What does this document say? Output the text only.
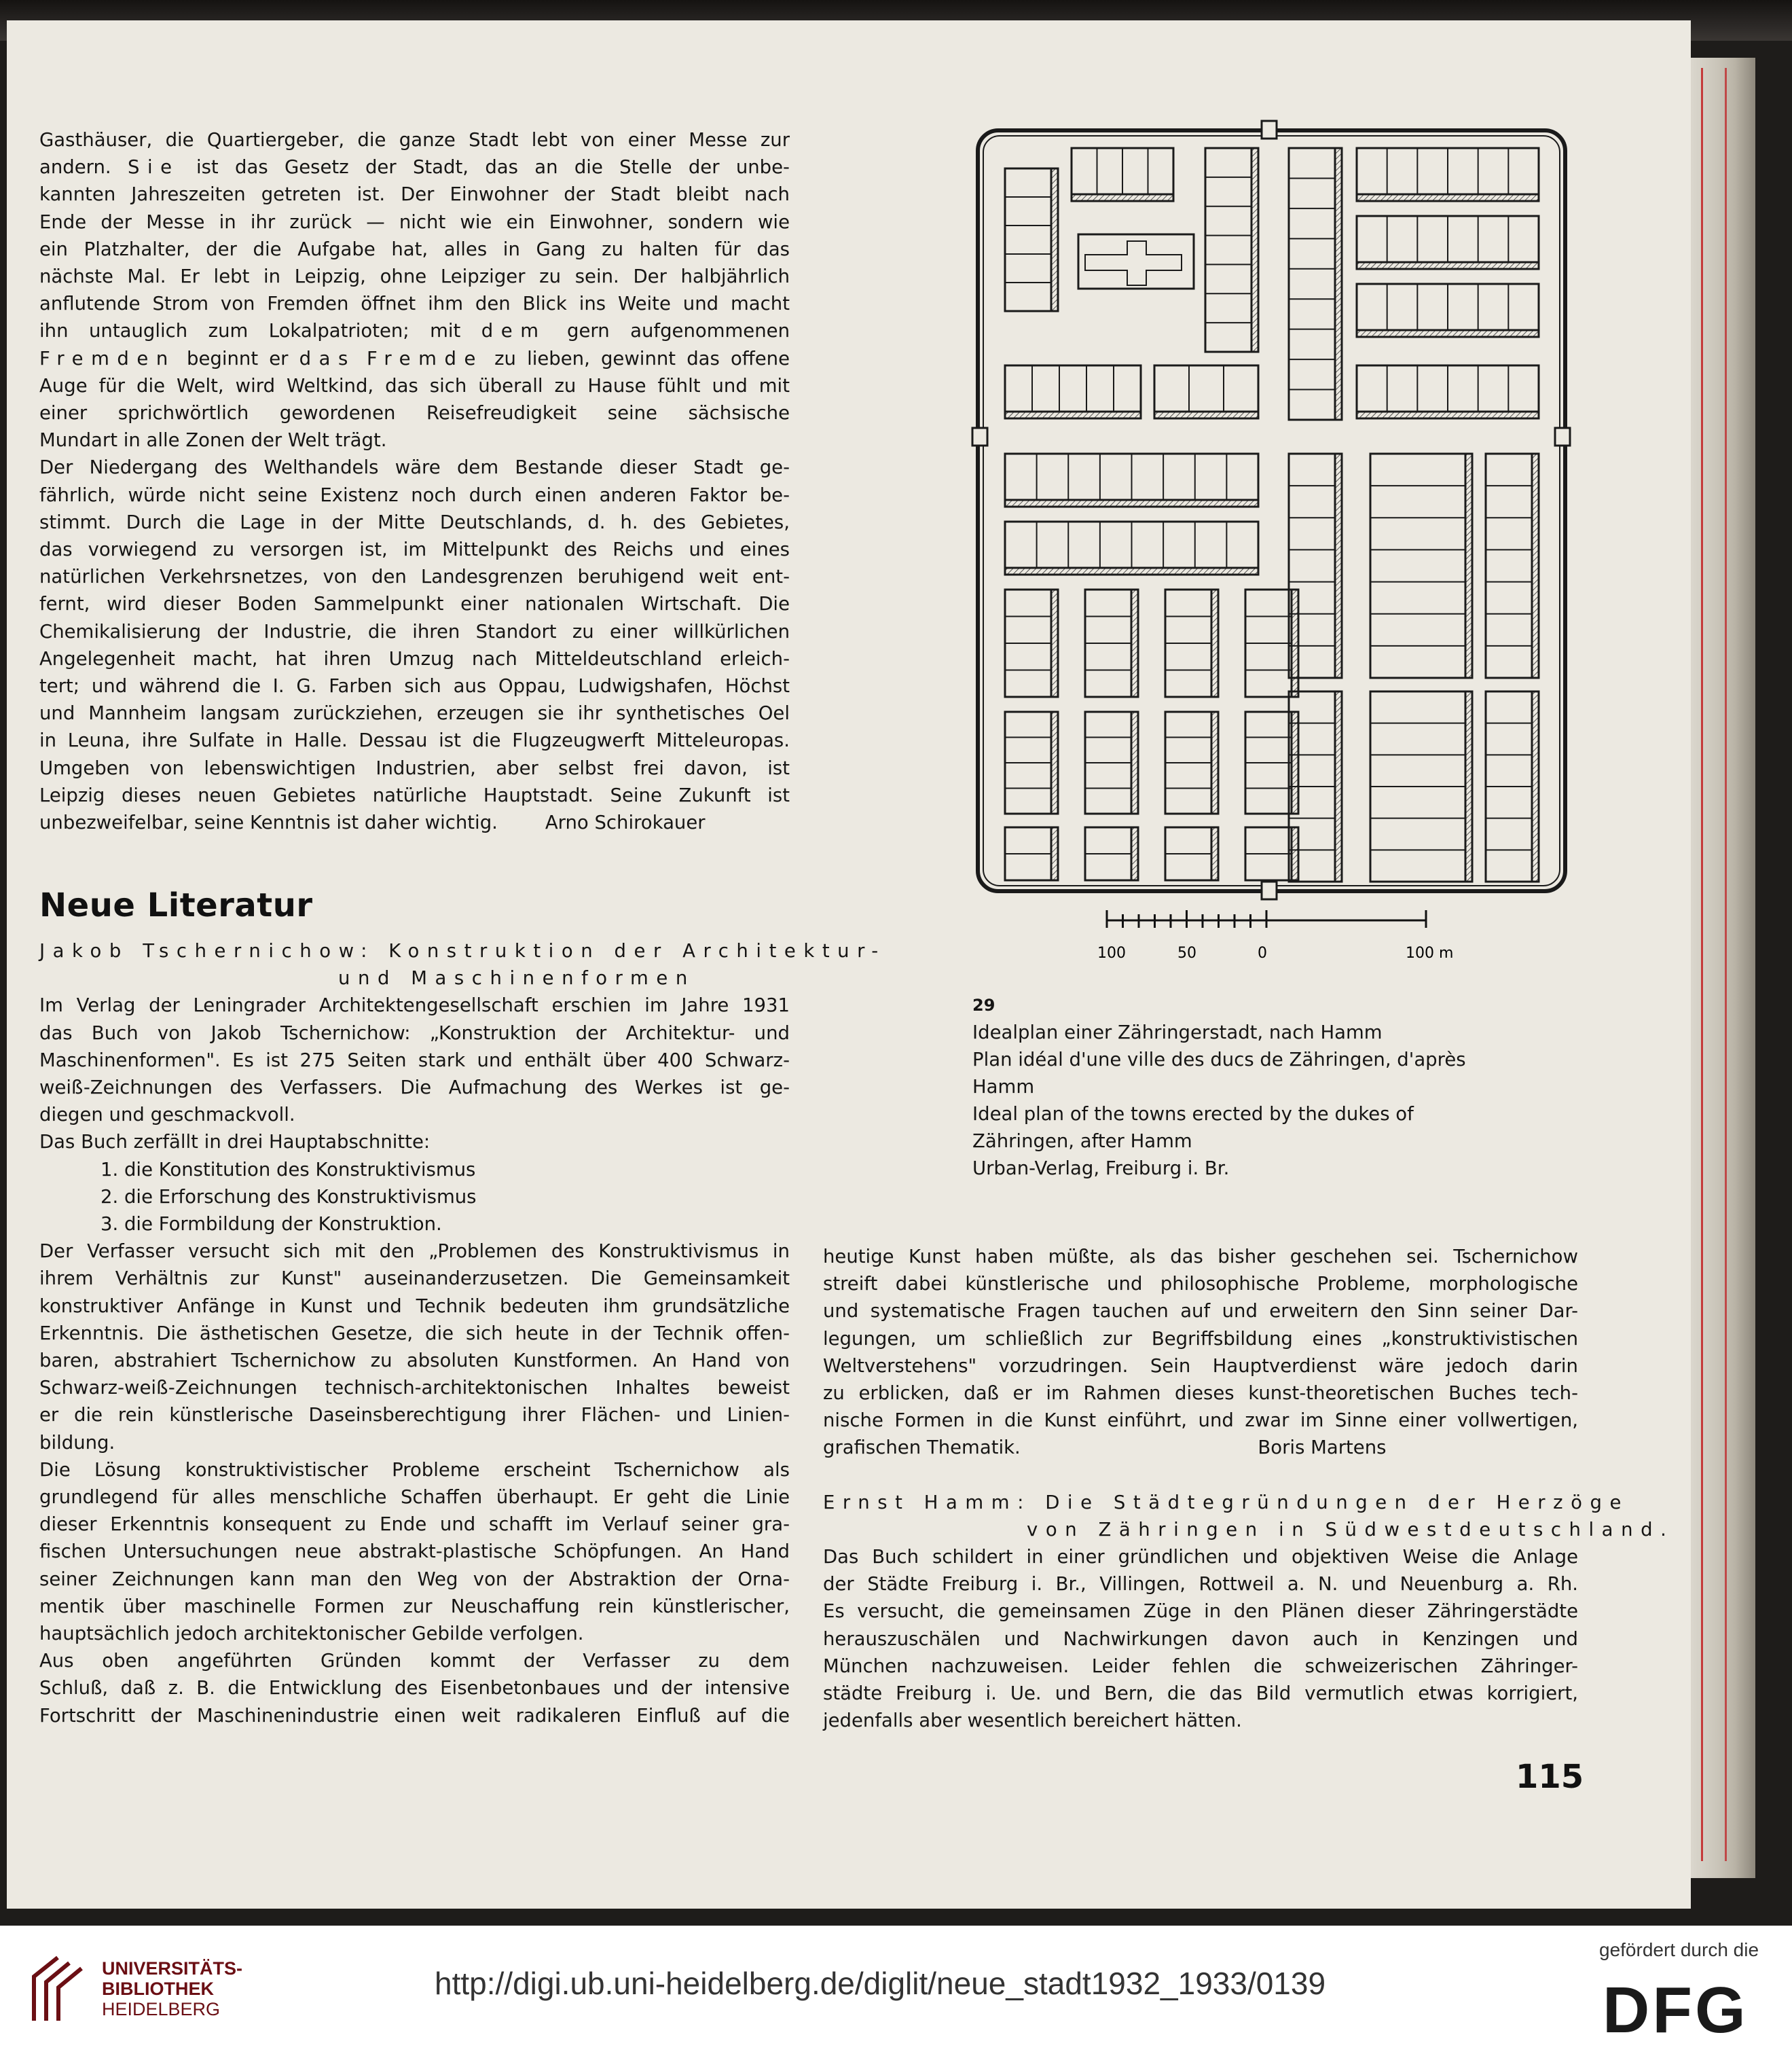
Gasthäuser, die Quartiergeber, die ganze Stadt lebt von einer Messe zur

andern. Sie ist das Gesetz der Stadt, das an die Stelle der unbe-

kannten Jahreszeiten getreten ist. Der Einwohner der Stadt bleibt nach

Ende der Messe in ihr zurück — nicht wie ein Einwohner, sondern wie

ein Platzhalter, der die Aufgabe hat, alles in Gang zu halten für das

nächste Mal. Er lebt in Leipzig, ohne Leipziger zu sein. Der halbjährlich

anflutende Strom von Fremden öffnet ihm den Blick ins Weite und macht

ihn untauglich zum Lokalpatrioten; mit dem gern aufgenommenen

Fremden beginnt er das Fremde zu lieben, gewinnt das offene

Auge für die Welt, wird Weltkind, das sich überall zu Hause fühlt und mit

einer sprichwörtlich gewordenen Reisefreudigkeit seine sächsische

Mundart in alle Zonen der Welt trägt.

Der Niedergang des Welthandels wäre dem Bestande dieser Stadt ge-

fährlich, würde nicht seine Existenz noch durch einen anderen Faktor be-

stimmt. Durch die Lage in der Mitte Deutschlands, d. h. des Gebietes,

das vorwiegend zu versorgen ist, im Mittelpunkt des Reichs und eines

natürlichen Verkehrsnetzes, von den Landesgrenzen beruhigend weit ent-

fernt, wird dieser Boden Sammelpunkt einer nationalen Wirtschaft. Die

Chemikalisierung der Industrie, die ihren Standort zu einer willkürlichen

Angelegenheit macht, hat ihren Umzug nach Mitteldeutschland erleich-

tert; und während die I. G. Farben sich aus Oppau, Ludwigshafen, Höchst

und Mannheim langsam zurückziehen, erzeugen sie ihr synthetisches Oel

in Leuna, ihre Sulfate in Halle. Dessau ist die Flugzeugwerft Mitteleuropas.

Umgeben von lebenswichtigen Industrien, aber selbst frei davon, ist

Leipzig dieses neuen Gebietes natürliche Hauptstadt. Seine Zukunft ist

unbezweifelbar, seine Kenntnis ist daher wichtig.        Arno Schirokauer

Neue Literatur

Jakob Tschernichow: Konstruktion der Architektur-

und Maschinenformen

Im Verlag der Leningrader Architektengesellschaft erschien im Jahre 1931

das Buch von Jakob Tschernichow: „Konstruktion der Architektur- und

Maschinenformen". Es ist 275 Seiten stark und enthält über 400 Schwarz-

weiß-Zeichnungen des Verfassers. Die Aufmachung des Werkes ist ge-

diegen und geschmackvoll.

Das Buch zerfällt in drei Hauptabschnitte:

1. die Konstitution des Konstruktivismus

2. die Erforschung des Konstruktivismus

3. die Formbildung der Konstruktion.

Der Verfasser versucht sich mit den „Problemen des Konstruktivismus in

ihrem Verhältnis zur Kunst" auseinanderzusetzen. Die Gemeinsamkeit

konstruktiver Anfänge in Kunst und Technik bedeuten ihm grundsätzliche

Erkenntnis. Die ästhetischen Gesetze, die sich heute in der Technik offen-

baren, abstrahiert Tschernichow zu absoluten Kunstformen. An Hand von

Schwarz-weiß-Zeichnungen technisch-architektonischen Inhaltes beweist

er die rein künstlerische Daseinsberechtigung ihrer Flächen- und Linien-

bildung.

Die Lösung konstruktivistischer Probleme erscheint Tschernichow als

grundlegend für alles menschliche Schaffen überhaupt. Er geht die Linie

dieser Erkenntnis konsequent zu Ende und schafft im Verlauf seiner gra-

fischen Untersuchungen neue abstrakt-plastische Schöpfungen. An Hand

seiner Zeichnungen kann man den Weg von der Abstraktion der Orna-

mentik über maschinelle Formen zur Neuschaffung rein künstlerischer,

hauptsächlich jedoch architektonischer Gebilde verfolgen.

Aus oben angeführten Gründen kommt der Verfasser zu dem

Schluß, daß z. B. die Entwicklung des Eisenbetonbaues und der intensive

Fortschritt der Maschinenindustrie einen weit radikaleren Einfluß auf die

100	50	0	100 m
29
Idealplan einer Zähringerstadt, nach Hamm
Plan idéal d'une ville des ducs de Zähringen, d'après
Hamm
Ideal plan of the towns erected by the dukes of
Zähringen, after Hamm
Urban-Verlag, Freiburg i. Br.

heutige Kunst haben müßte, als das bisher geschehen sei. Tschernichow

streift dabei künstlerische und philosophische Probleme, morphologische

und systematische Fragen tauchen auf und erweitern den Sinn seiner Dar-

legungen, um schließlich zur Begriffsbildung eines „konstruktivistischen

Weltverstehens" vorzudringen. Sein Hauptverdienst wäre jedoch darin

zu erblicken, daß er im Rahmen dieses kunst-theoretischen Buches tech-

nische Formen in die Kunst einführt, und zwar im Sinne einer vollwertigen,

grafischen Thematik.                                        Boris Martens

Ernst Hamm: Die Städtegründungen der Herzöge

von Zähringen in Südwestdeutschland.

Das Buch schildert in einer gründlichen und objektiven Weise die Anlage

der Städte Freiburg i. Br., Villingen, Rottweil a. N. und Neuenburg a. Rh.

Es versucht, die gemeinsamen Züge in den Plänen dieser Zähringerstädte

herauszuschälen und Nachwirkungen davon auch in Kenzingen und

München nachzuweisen. Leider fehlen die schweizerischen Zähringer-

städte Freiburg i. Ue. und Bern, die das Bild vermutlich etwas korrigiert,

jedenfalls aber wesentlich bereichert hätten.

115
UNIVERSITÄTS-
BIBLIOTHEK
HEIDELBERG
http://digi.ub.uni-heidelberg.de/diglit/neue_stadt1932_1933/0139
gefördert durch die
DFG
